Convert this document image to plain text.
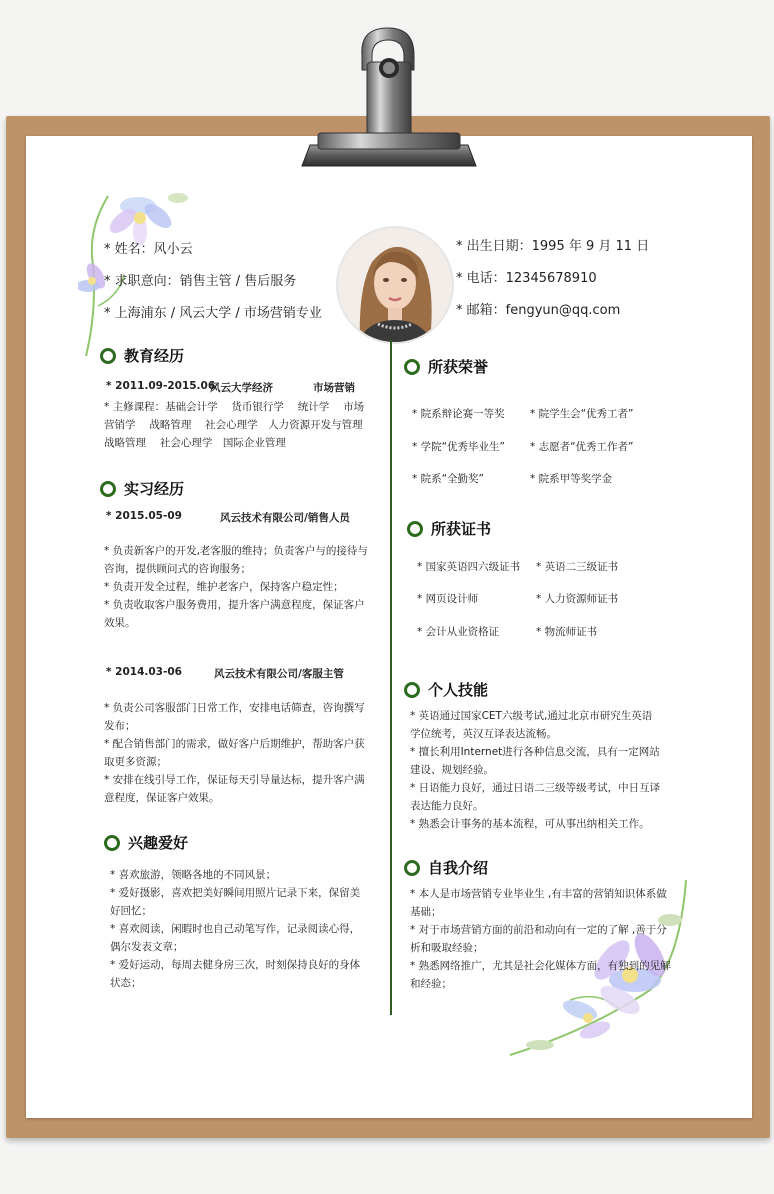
* 姓名：风小云
* 求职意向：销售主管 / 售后服务
* 上海浦东 / 风云大学 / 市场营销专业
* 出生日期：1995 年 9 月 11 日
* 电话：12345678910
* 邮箱：fengyun@qq.com
教育经历
* 2011.09-2015.06
风云大学经济	市场营销

* 主修课程：基础会计学　 货币银行学　 统计学　 市场

营销学　 战略管理　 社会心理学　人力资源开发与管理

战略管理　 社会心理学　国际企业管理

实习经历
* 2015.05-09	风云技术有限公司/销售人员

* 负责新客户的开发,老客服的维持；负责客户与的接待与

咨询，提供顾问式的咨询服务；

* 负责开发全过程，维护老客户，保持客户稳定性；

* 负责收取客户服务费用，提升客户满意程度，保证客户

效果。

* 2014.03-06	风云技术有限公司/客服主管

* 负责公司客服部门日常工作，安排电话筛查，咨询撰写

发布；

* 配合销售部门的需求，做好客户后期维护，帮助客户获

取更多资源；

* 安排在线引导工作，保证每天引导量达标，提升客户满

意程度，保证客户效果。

兴趣爱好

* 喜欢旅游，领略各地的不同风景；

* 爱好摄影，喜欢把美好瞬间用照片记录下来，保留美

好回忆；

* 喜欢阅读，闲暇时也自己动笔写作，记录阅读心得，

偶尔发表文章；

* 爱好运动，每周去健身房三次，时刻保持良好的身体

状态；

所获荣誉
* 院系辩论赛一等奖 * 院学生会“优秀工者”
* 学院“优秀毕业生” * 志愿者“优秀工作者”
* 院系“全勤奖”	* 院系甲等奖学金
所获证书
* 国家英语四六级证书 * 英语二三级证书
* 网页设计师	* 人力资源师证书
* 会计从业资格证	* 物流师证书
个人技能

* 英语通过国家CET六级考试,通过北京市研究生英语

学位统考，英汉互译表达流畅。

* 擅长利用Internet进行各种信息交流，具有一定网站

建设、规划经验。

* 日语能力良好，通过日语二三级等级考试，中日互译

表达能力良好。

* 熟悉会计事务的基本流程，可从事出纳相关工作。

自我介绍

* 本人是市场营销专业毕业生 ,有丰富的营销知识体系做

基础；

* 对于市场营销方面的前沿和动向有一定的了解 ,善于分

析和吸取经验；

* 熟悉网络推广，尤其是社会化媒体方面，有独到的见解

和经验；
